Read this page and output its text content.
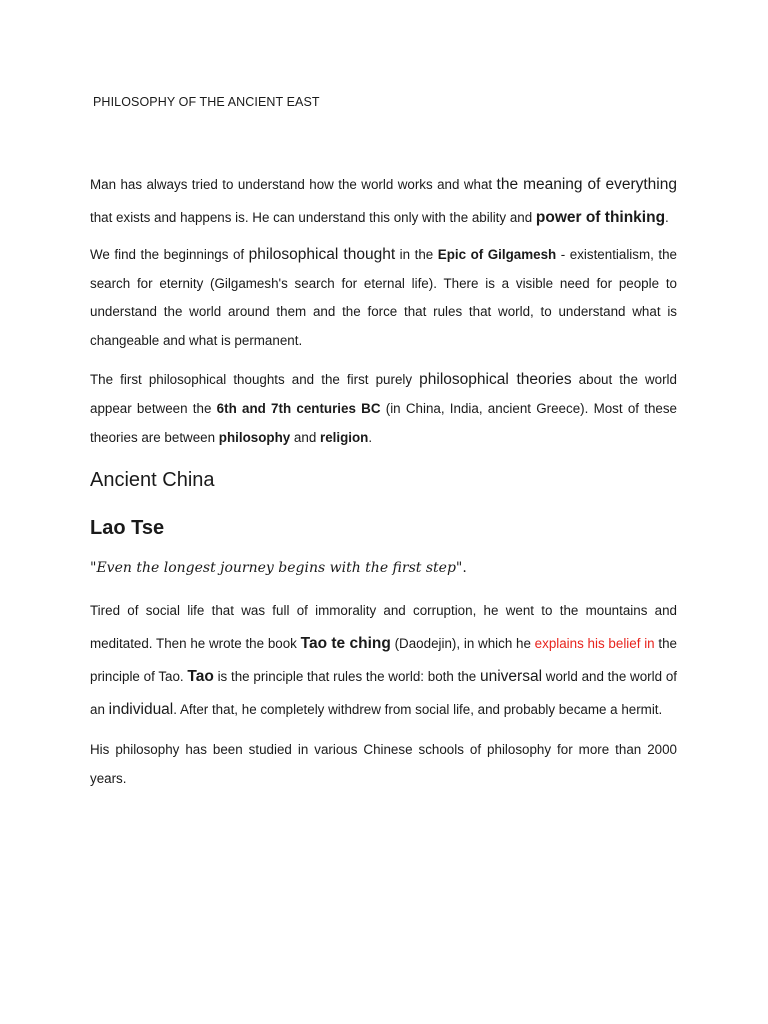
PHILOSOPHY OF THE ANCIENT EAST

Man has always tried to understand how the world works and what the meaning of everything that exists and happens is. He can understand this only with the ability and power of thinking.

We find the beginnings of philosophical thought in the Epic of Gilgamesh - existentialism, the search for eternity (Gilgamesh's search for eternal life). There is a visible need for people to understand the world around them and the force that rules that world, to understand what is changeable and what is permanent.

The first philosophical thoughts and the first purely philosophical theories about the world appear between the 6th and 7th centuries BC (in China, India, ancient Greece). Most of these theories are between philosophy and religion.

Ancient China
Lao Tse

"Even the longest journey begins with the first step".

Tired of social life that was full of immorality and corruption, he went to the mountains and meditated. Then he wrote the book Tao te ching (Daodejin), in which he explains his belief in the principle of Tao. Tao is the principle that rules the world: both the universal world and the world of an individual. After that, he completely withdrew from social life, and probably became a hermit.

His philosophy has been studied in various Chinese schools of philosophy for more than 2000 years.
